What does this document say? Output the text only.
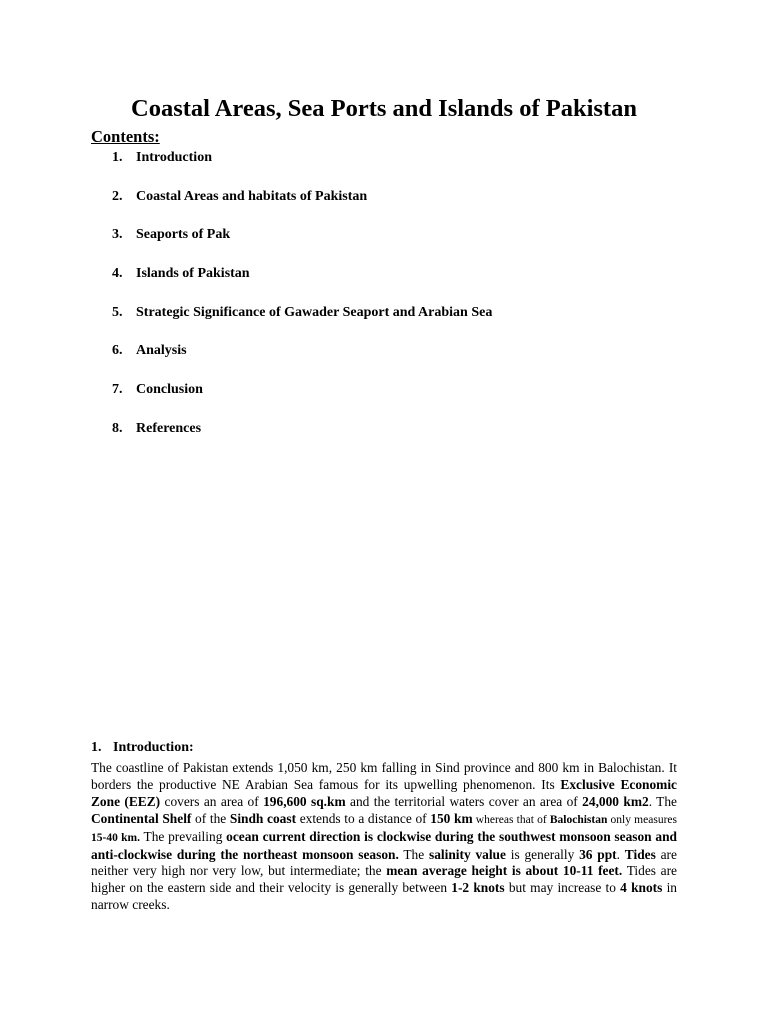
Coastal Areas, Sea Ports and Islands of Pakistan
Contents:
1. Introduction
2. Coastal Areas and habitats of Pakistan
3. Seaports of Pak
4. Islands of Pakistan
5. Strategic Significance of Gawader Seaport and Arabian Sea
6. Analysis
7. Conclusion
8. References
1. Introduction:

The coastline of Pakistan extends 1,050 km, 250 km falling in Sind province and 800 km in Balochistan. It borders the productive NE Arabian Sea famous for its upwelling phenomenon. Its Exclusive Economic Zone (EEZ) covers an area of 196,600 sq.km and the territorial waters cover an area of 24,000 km2. The Continental Shelf of the Sindh coast extends to a distance of 150 km whereas that of Balochistan only measures 15-40 km. The prevailing ocean current direction is clockwise during the southwest monsoon season and anti-clockwise during the northeast monsoon season. The salinity value is generally 36 ppt. Tides are neither very high nor very low, but intermediate; the mean average height is about 10-11 feet. Tides are higher on the eastern side and their velocity is generally between 1-2 knots but may increase to 4 knots in narrow creeks.
